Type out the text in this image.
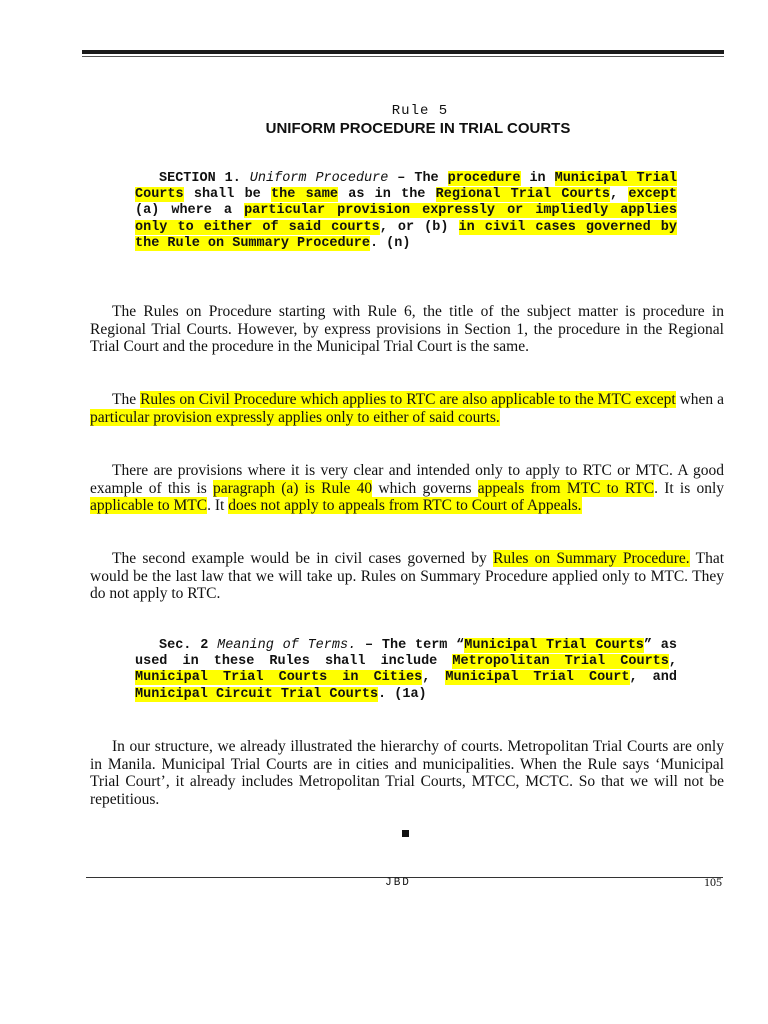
Rule 5
UNIFORM PROCEDURE IN TRIAL COURTS
SECTION 1. Uniform Procedure – The procedure in Municipal Trial Courts shall be the same as in the Regional Trial Courts, except (a) where a particular provision expressly or impliedly applies only to either of said courts, or (b) in civil cases governed by the Rule on Summary Procedure. (n)
The Rules on Procedure starting with Rule 6, the title of the subject matter is procedure in Regional Trial Courts. However, by express provisions in Section 1, the procedure in the Regional Trial Court and the procedure in the Municipal Trial Court is the same.
The Rules on Civil Procedure which applies to RTC are also applicable to the MTC except when a particular provision expressly applies only to either of said courts.
There are provisions where it is very clear and intended only to apply to RTC or MTC. A good example of this is paragraph (a) is Rule 40 which governs appeals from MTC to RTC. It is only applicable to MTC. It does not apply to appeals from RTC to Court of Appeals.
The second example would be in civil cases governed by Rules on Summary Procedure. That would be the last law that we will take up. Rules on Summary Procedure applied only to MTC. They do not apply to RTC.
Sec. 2 Meaning of Terms. – The term “Municipal Trial Courts” as used in these Rules shall include Metropolitan Trial Courts, Municipal Trial Courts in Cities, Municipal Trial Court, and Municipal Circuit Trial Courts. (1a)
In our structure, we already illustrated the hierarchy of courts. Metropolitan Trial Courts are only in Manila. Municipal Trial Courts are in cities and municipalities. When the Rule says ‘Municipal Trial Court’, it already includes Metropolitan Trial Courts, MTCC, MCTC. So that we will not be repetitious.
JBD	105
